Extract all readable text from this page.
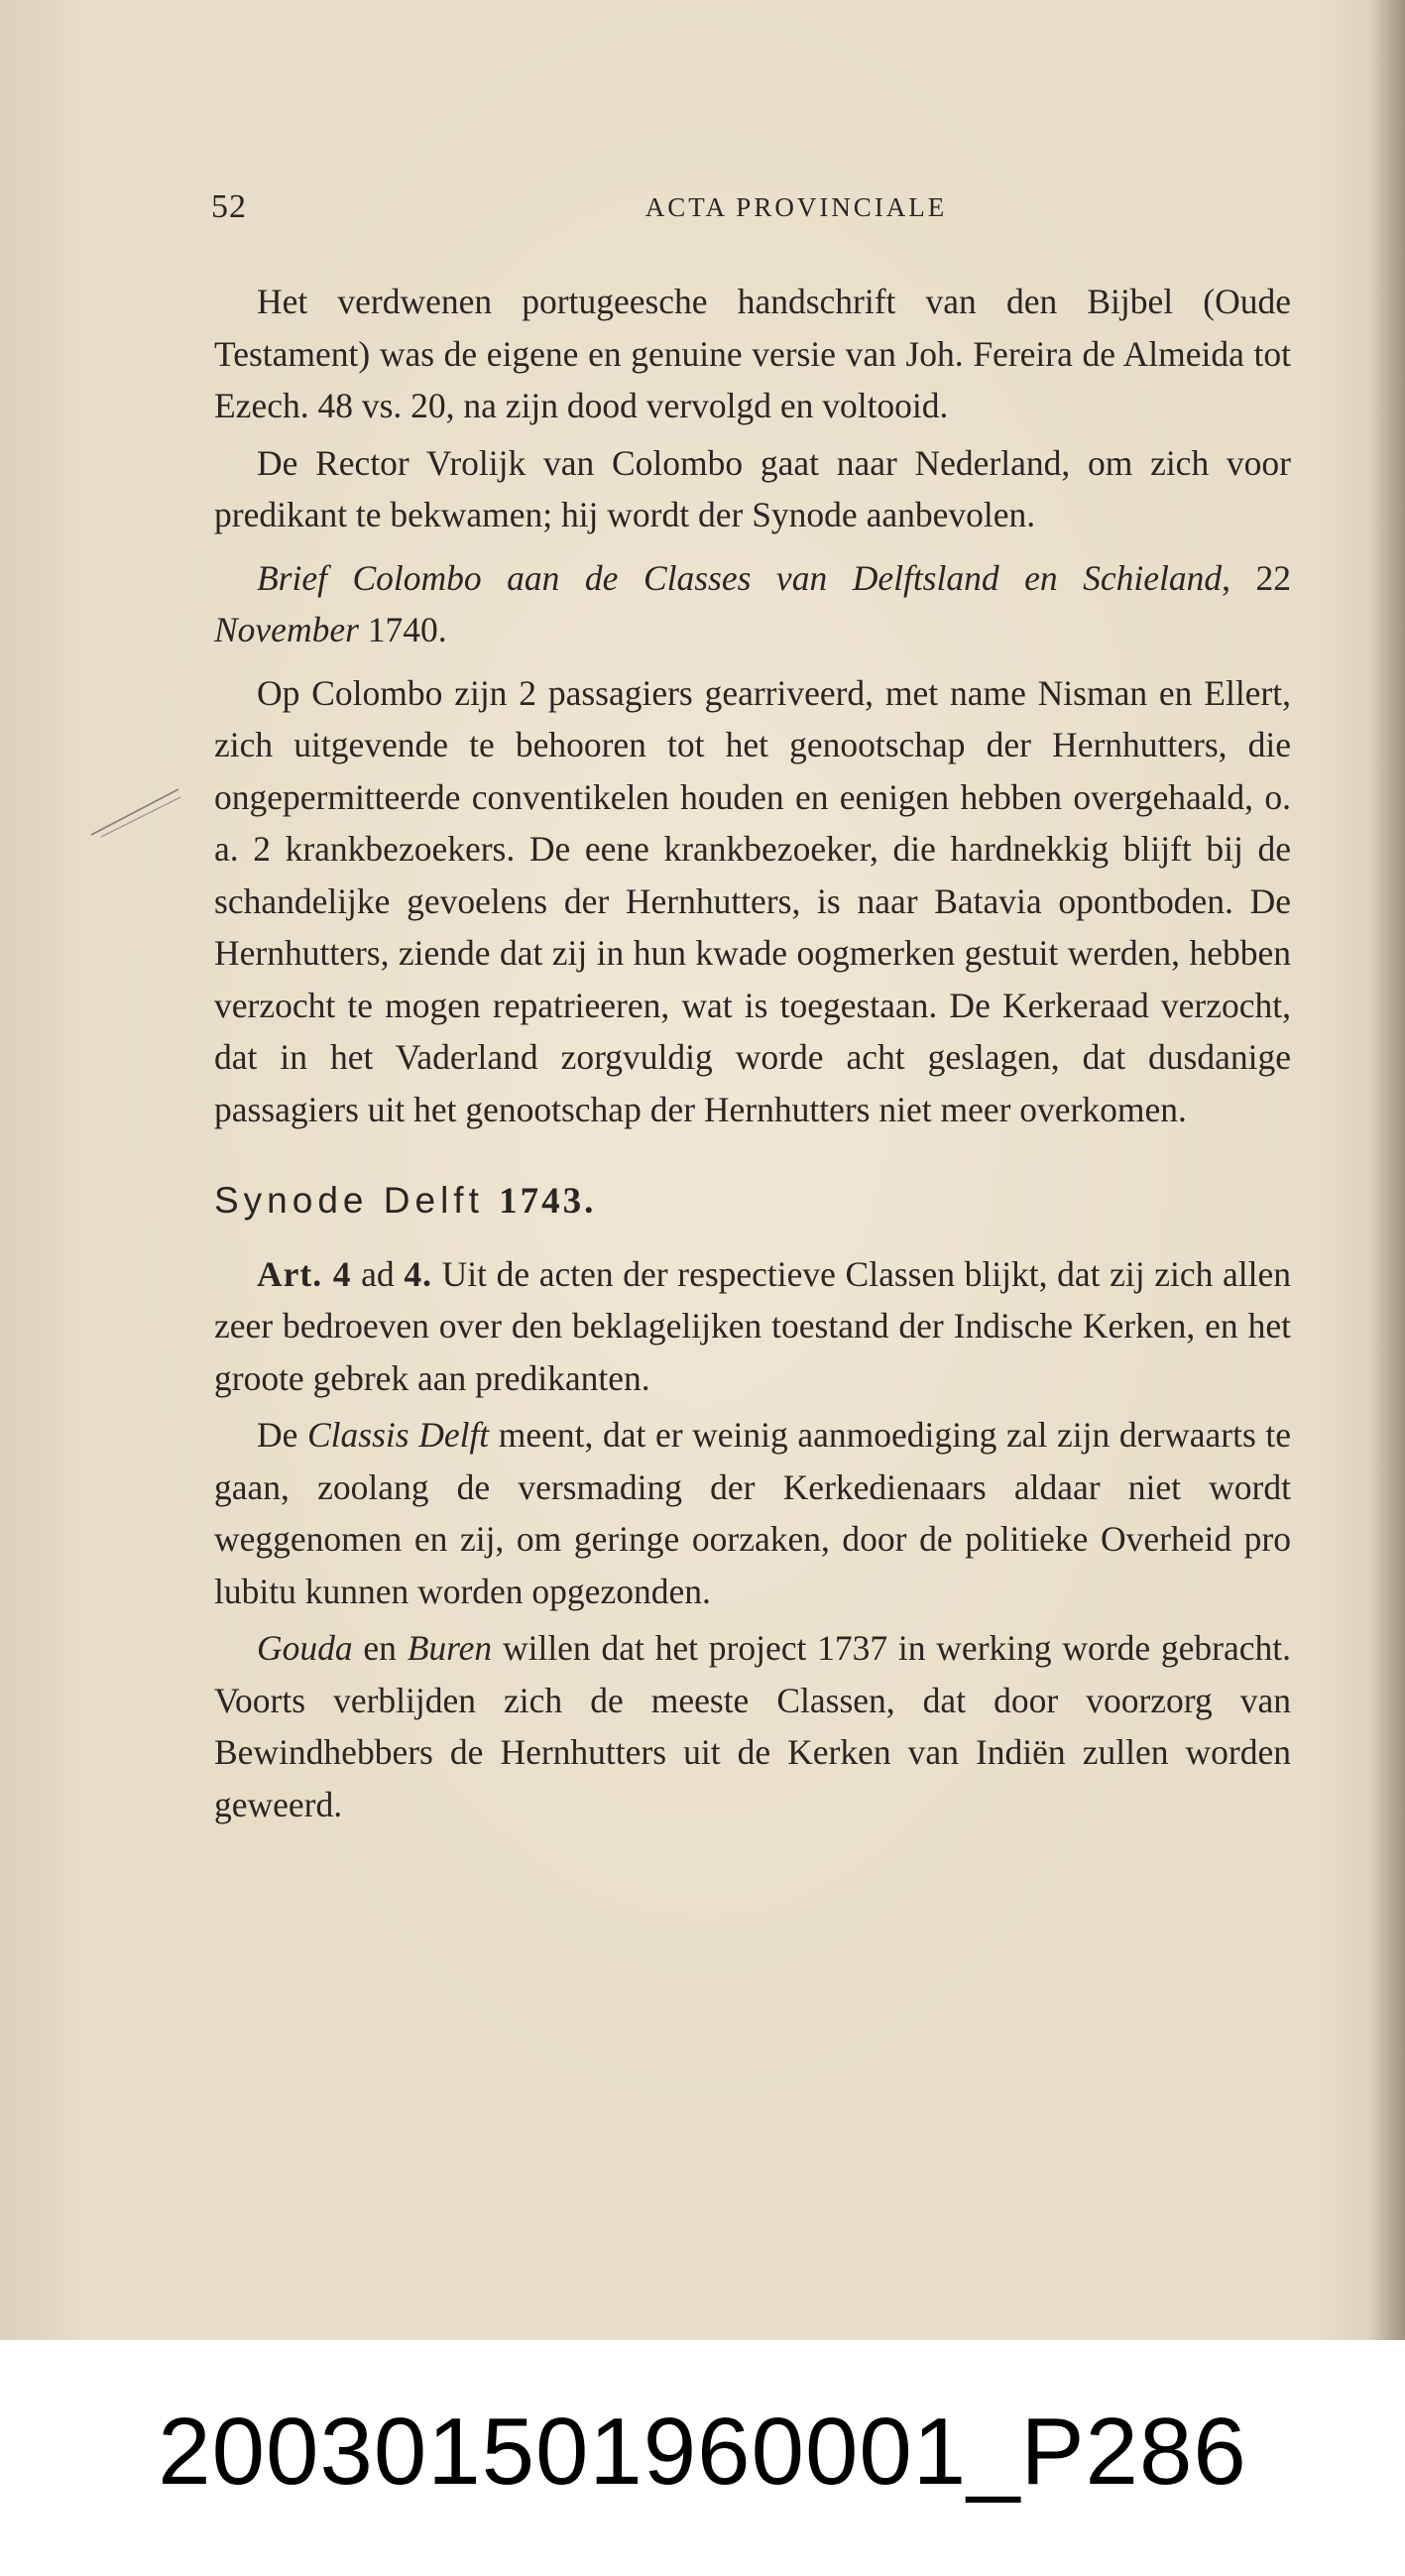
52	ACTA PROVINCIALE

Het verdwenen portugeesche handschrift van den Bijbel (Oude Testament) was de eigene en genuine versie van Joh. Fereira de Almeida tot Ezech. 48 vs. 20, na zijn dood vervolgd en voltooid.

De Rector Vrolijk van Colombo gaat naar Nederland, om zich voor predikant te bekwamen; hij wordt der Synode aanbevolen.

Brief Colombo aan de Classes van Delftsland en Schieland, 22 November 1740.

Op Colombo zijn 2 passagiers gearriveerd, met name Nisman en Ellert, zich uitgevende te behooren tot het genootschap der Hernhutters, die ongepermitteerde conventikelen houden en eenigen hebben overgehaald, o. a. 2 krankbezoekers. De eene krankbezoeker, die hardnekkig blijft bij de schandelijke gevoelens der Hernhutters, is naar Batavia opontboden. De Hernhutters, ziende dat zij in hun kwade oogmerken gestuit werden, hebben verzocht te mogen repatrieeren, wat is toegestaan. De Kerkeraad verzocht, dat in het Vaderland zorgvuldig worde acht geslagen, dat dusdanige passagiers uit het genootschap der Hernhutters niet meer overkomen.

Synode Delft 1743.

Art. 4 ad 4. Uit de acten der respectieve Classen blijkt, dat zij zich allen zeer bedroeven over den beklagelijken toestand der Indische Kerken, en het groote gebrek aan predikanten.

De Classis Delft meent, dat er weinig aanmoediging zal zijn derwaarts te gaan, zoolang de versmading der Kerkedienaars aldaar niet wordt weggenomen en zij, om geringe oorzaken, door de politieke Overheid pro lubitu kunnen worden opgezonden.

Gouda en Buren willen dat het project 1737 in werking worde gebracht. Voorts verblijden zich de meeste Classen, dat door voorzorg van Bewindhebbers de Hernhutters uit de Kerken van Indiën zullen worden geweerd.

20030150196000​1_P286
